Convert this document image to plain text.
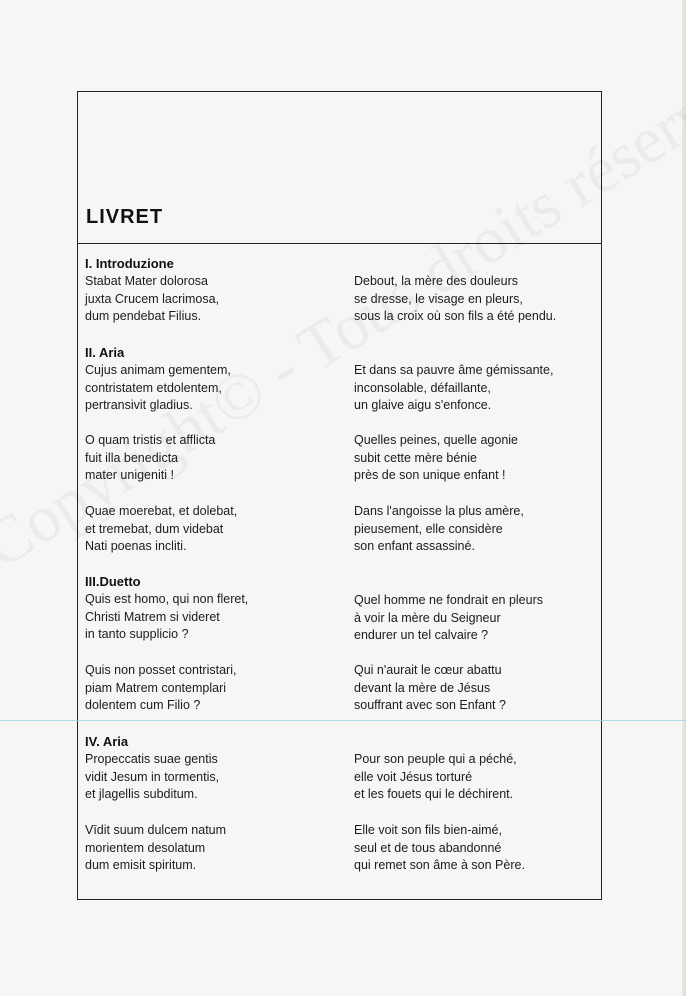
LIVRET
I. Introduzione
Stabat Mater dolorosa
juxta Crucem lacrimosa,
dum pendebat Filius.
Debout, la mère des douleurs
se dresse, le visage en pleurs,
sous la croix où son fils a été pendu.
II. Aria
Cujus animam gementem,
contristatem etdolentem,
pertransivit gladius.
Et dans sa pauvre âme gémissante,
inconsolable, défaillante,
un glaive aigu s'enfonce.
O quam tristis et afflicta
fuit illa benedicta
mater unigeniti !
Quelles peines, quelle agonie
subit cette mère bénie
près de son unique enfant !
Quae moerebat, et dolebat,
et tremebat, dum videbat
Nati poenas incliti.
Dans l'angoisse la plus amère,
pieusement, elle considère
son enfant assassiné.
III.Duetto
Quis est homo, qui non fleret,
Christi Matrem si videret
in tanto supplicio ?
Quel homme ne fondrait en pleurs
à voir la mère du Seigneur
endurer un tel calvaire ?
Quis non posset contristari,
piam Matrem contemplari
dolentem cum Filio ?
Qui n'aurait le cœur abattu
devant la mère de Jésus
souffrant avec son Enfant ?
IV. Aria
Propeccatis suae gentis
vidit Jesum in tormentis,
et jlagellis subditum.
Pour son peuple qui a péché,
elle voit Jésus torturé
et les fouets qui le déchirent.
Vīdit suum dulcem natum
morientem desolatum
dum emisit spiritum.
Elle voit son fils bien-aimé,
seul et de tous abandonné
qui remet son âme à son Père.
